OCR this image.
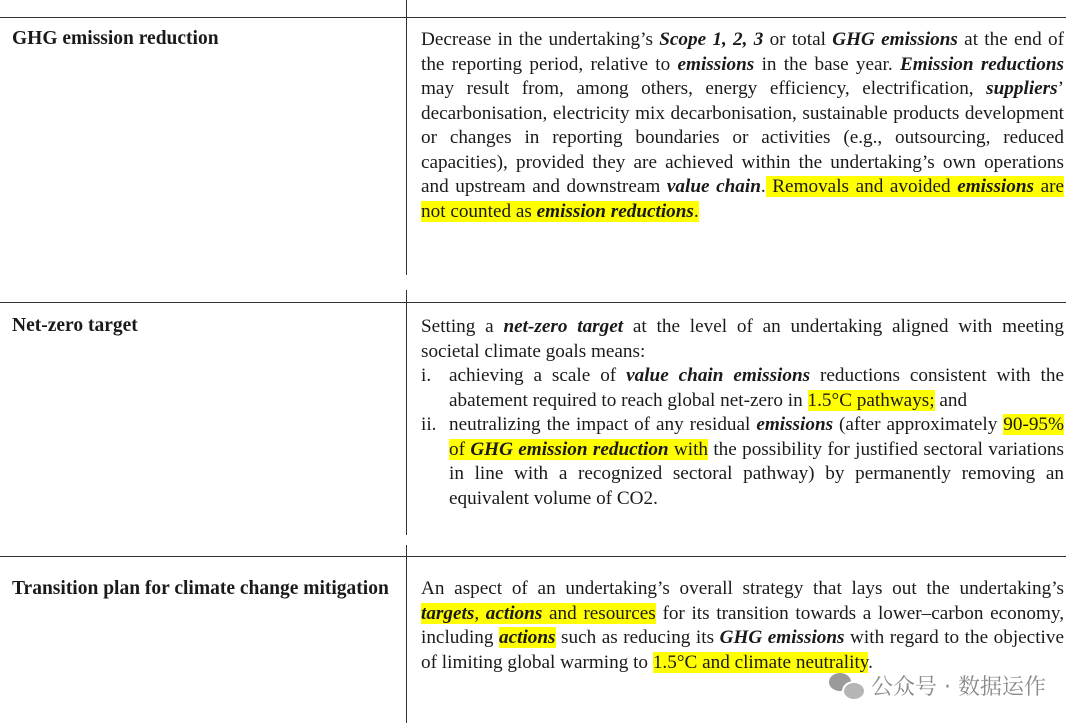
GHG emission reduction	Decrease in the undertaking’s Scope 1, 2, 3 or total GHG emissions at the end of the reporting period, relative to emissions in the base year. Emission reductions may result from, among others, energy efficiency, electrification, suppliers’ decarbonisation, electricity mix decarbonisation, sustainable products development or changes in reporting boundaries or activities (e.g., outsourcing, reduced capacities), provided they are achieved within the undertaking’s own operations and upstream and downstream value chain. Removals and avoided emissions are not counted as emission reductions.
Net-zero target	Setting a net-zero target at the level of an undertaking aligned with meeting societal climate goals means:
i. achieving a scale of value chain emissions reductions consistent with the abatement required to reach global net-zero in 1.5°C pathways; and
ii. neutralizing the impact of any residual emissions (after approximately 90-95% of GHG emission reduction with the possibility for justified sectoral variations in line with a recognized sectoral pathway) by permanently removing an equivalent volume of CO2.
Transition plan for climate change mitigation	An aspect of an undertaking’s overall strategy that lays out the undertaking’s targets, actions and resources for its transition towards a lower–carbon economy, including actions such as reducing its GHG emissions with regard to the objective of limiting global warming to 1.5°C and climate neutrality.
公众号 · 数据运作
